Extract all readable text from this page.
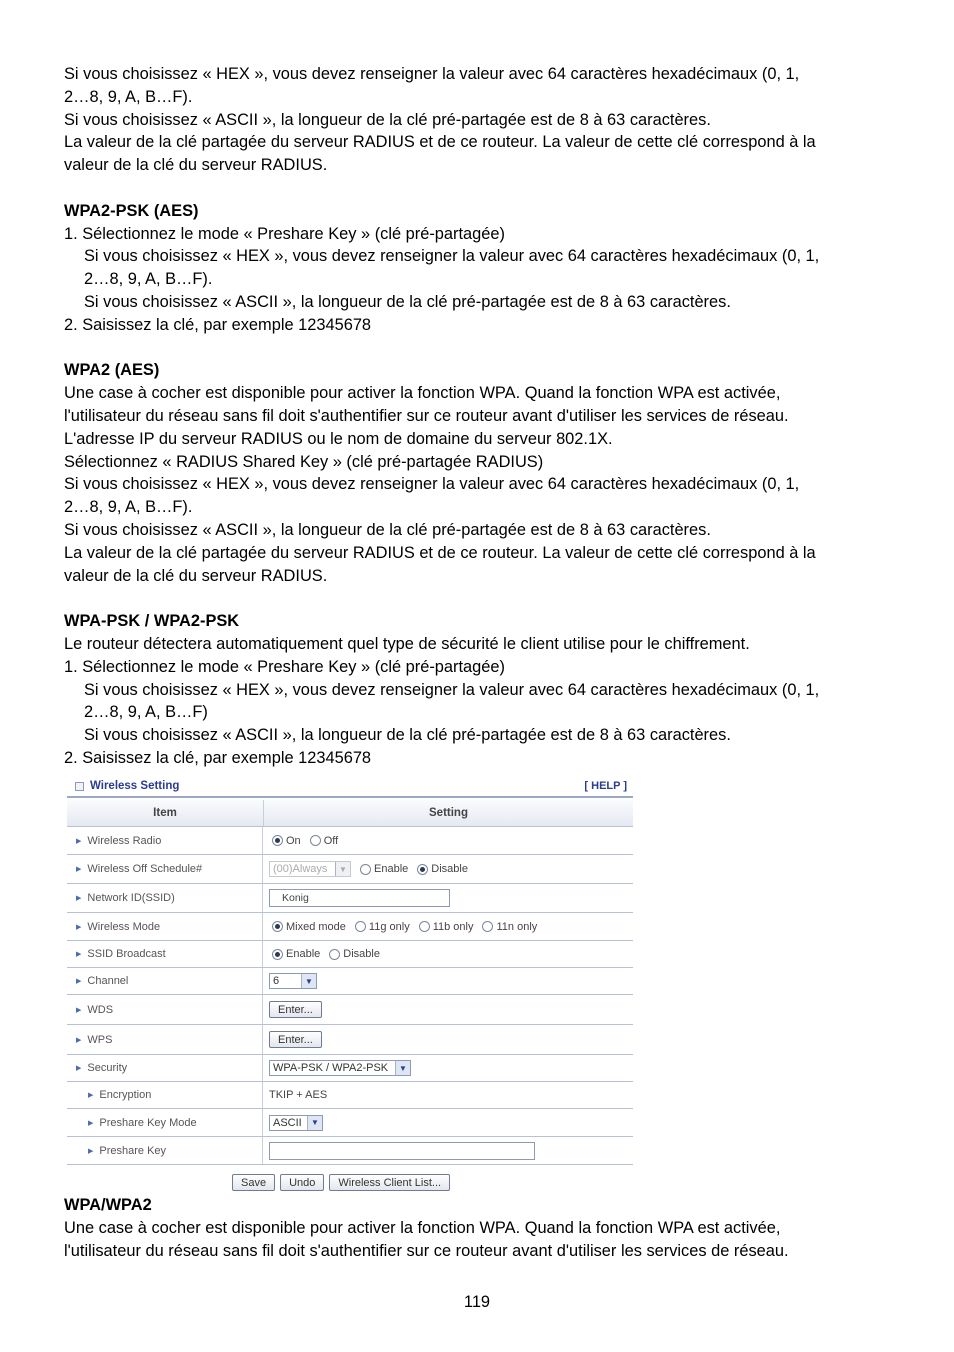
Si vous choisissez « HEX », vous devez renseigner la valeur avec 64 caractères hexadécimaux (0, 1,

2…8, 9, A, B…F).

Si vous choisissez « ASCII », la longueur de la clé pré-partagée est de 8 à 63 caractères.

La valeur de la clé partagée du serveur RADIUS et de ce routeur. La valeur de cette clé correspond à la

valeur de la clé du serveur RADIUS.

WPA2-PSK (AES)

1. Sélectionnez le mode « Preshare Key » (clé pré-partagée)

Si vous choisissez « HEX », vous devez renseigner la valeur avec 64 caractères hexadécimaux (0, 1,

2…8, 9, A, B…F).

Si vous choisissez « ASCII », la longueur de la clé pré-partagée est de 8 à 63 caractères.

2. Saisissez la clé, par exemple 12345678

WPA2 (AES)

Une case à cocher est disponible pour activer la fonction WPA. Quand la fonction WPA est activée,

l'utilisateur du réseau sans fil doit s'authentifier sur ce routeur avant d'utiliser les services de réseau.

L'adresse IP du serveur RADIUS ou le nom de domaine du serveur 802.1X.

Sélectionnez « RADIUS Shared Key » (clé pré-partagée RADIUS)

Si vous choisissez « HEX », vous devez renseigner la valeur avec 64 caractères hexadécimaux (0, 1,

2…8, 9, A, B…F).

Si vous choisissez « ASCII », la longueur de la clé pré-partagée est de 8 à 63 caractères.

La valeur de la clé partagée du serveur RADIUS et de ce routeur. La valeur de cette clé correspond à la

valeur de la clé du serveur RADIUS.

WPA-PSK / WPA2-PSK

Le routeur détectera automatiquement quel type de sécurité le client utilise pour le chiffrement.

1. Sélectionnez le mode « Preshare Key » (clé pré-partagée)

Si vous choisissez « HEX », vous devez renseigner la valeur avec 64 caractères hexadécimaux (0, 1,

2…8, 9, A, B…F)

Si vous choisissez « ASCII », la longueur de la clé pré-partagée est de 8 à 63 caractères.

2. Saisissez la clé, par exemple 12345678

Wireless Setting	[ HELP ]
Item	Setting
▶ Wireless Radio	On Off
▶ Wireless Off Schedule#	(00)Always	▼ Enable Disable
▶ Network ID(SSID)	Konig
▶ Wireless Mode	Mixed mode 11g only 11b only 11n only
▶ SSID Broadcast	Enable Disable
▶ Channel	6	▼
▶ WDS	Enter...
▶ WPS	Enter...
▶ Security	WPA-PSK / WPA2-PSK	▼
▶ Encryption	TKIP + AES
▶ Preshare Key Mode	ASCII	▼
▶ Preshare Key
Save	Undo	Wireless Client List...

WPA/WPA2

Une case à cocher est disponible pour activer la fonction WPA. Quand la fonction WPA est activée,

l'utilisateur du réseau sans fil doit s'authentifier sur ce routeur avant d'utiliser les services de réseau.

119
